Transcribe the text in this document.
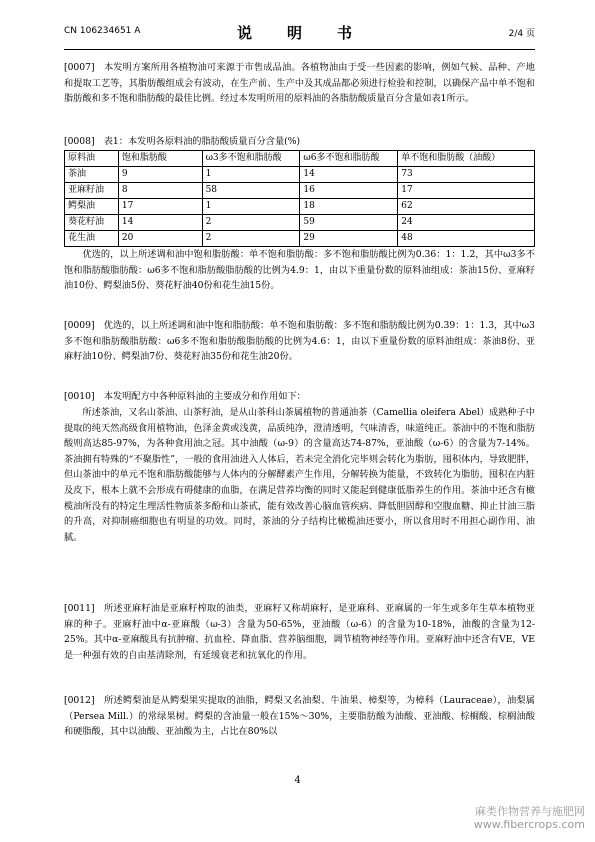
CN 106234651 A	说　明　书	2/4 页
[0007]  本发明方案所用各植物油可来源于市售成品油。各植物油由于受一些因素的影响，例如气候、品种、产地和提取工艺等，其脂肪酸组成会有波动，在生产前、生产中及其成品都必须进行检验和控制，以确保产品中单不饱和脂肪酸和多不饱和脂肪酸的最佳比例。经过本发明所用的原料油的各脂肪酸质量百分含量如表1所示。
[0008]  表1：本发明各原料油的脂肪酸质量百分含量(%)
原料油	饱和脂肪酸	ω3多不饱和脂肪酸	ω6多不饱和脂肪酸	单不饱和脂肪酸（油酸）
茶油	9	1	14	73
亚麻籽油	8	58	16	17
鳄梨油	17	1	18	62
葵花籽油	14	2	59	24
花生油	20	2	29	48
优选的，以上所述调和油中饱和脂肪酸：单不饱和脂肪酸：多不饱和脂肪酸比例为0.36：1：1.2，其中ω3多不饱和脂肪酸脂肪酸：ω6多不饱和脂肪酸脂肪酸的比例为4.9：1，由以下重量份数的原料油组成：茶油15份、亚麻籽油10份、鳄梨油5份、葵花籽油40份和花生油15份。
[0009]  优选的，以上所述调和油中饱和脂肪酸：单不饱和脂肪酸：多不饱和脂肪酸比例为0.39：1：1.3，其中ω3多不饱和脂肪酸脂肪酸：ω6多不饱和脂肪酸脂肪酸的比例为4.6：1，由以下重量份数的原料油组成：茶油8份、亚麻籽油10份、鳄梨油7份、葵花籽油35份和花生油20份。
[0010]  本发明配方中各种原料油的主要成分和作用如下：
所述茶油，又名山茶油、山茶籽油，是从山茶科山茶属植物的普通油茶（Camellia oleifera Abel）成熟种子中提取的纯天然高级食用植物油，色泽金黄或浅黄，品质纯净，澄清透明，气味清香，味道纯正。茶油中的不饱和脂肪酸则高达85-97%，为各种食用油之冠。其中油酸（ω-9）的含量高达74-87%，亚油酸（ω-6）的含量为7-14%。茶油拥有特殊的“不聚脂性”，一般的食用油进入人体后，若未完全消化完毕则会转化为脂肪，囤积体内，导致肥胖，但山茶油中的单元不饱和脂肪酸能够与人体内的分解酵素产生作用，分解转换为能量，不致转化为脂肪，囤积在内脏及皮下，根本上就不会形成有碍健康的血脂，在满足营养均衡的同时又能起到健康低脂养生的作用。茶油中还含有橄榄油所没有的特定生理活性物质茶多酚和山茶甙，能有效改善心脑血管疾病、降低胆固醇和空腹血糖、抑止甘油三脂的升高，对抑制癌细胞也有明显的功效。同时，茶油的分子结构比橄榄油还要小，所以食用时不用担心副作用、油腻。
[0011]  所述亚麻籽油是亚麻籽榨取的油类，亚麻籽又称胡麻籽，是亚麻科、亚麻属的一年生或多年生草本植物亚麻的种子。亚麻籽油中α-亚麻酸（ω-3）含量为50-65%，亚油酸（ω-6）的含量为10-18%，油酸的含量为12-25%。其中α-亚麻酸具有抗肿瘤、抗血栓、降血脂、营养脑细胞，调节植物神经等作用。亚麻籽油中还含有VE，VE是一种强有效的自由基清除剂，有延缓衰老和抗氧化的作用。
[0012]  所述鳄梨油是从鳄梨果实提取的油脂，鳄梨又名油梨、牛油果、樟梨等，为樟科（Lauraceae），油梨属（Persea Mill.）的常绿果树。鳄梨的含油量一般在15%～30%，主要脂肪酸为油酸、亚油酸、棕榈酸、棕榈油酸和硬脂酸，其中以油酸、亚油酸为主，占比在80%以
4
麻类作物营养与施肥网
www.fibercrops.com
